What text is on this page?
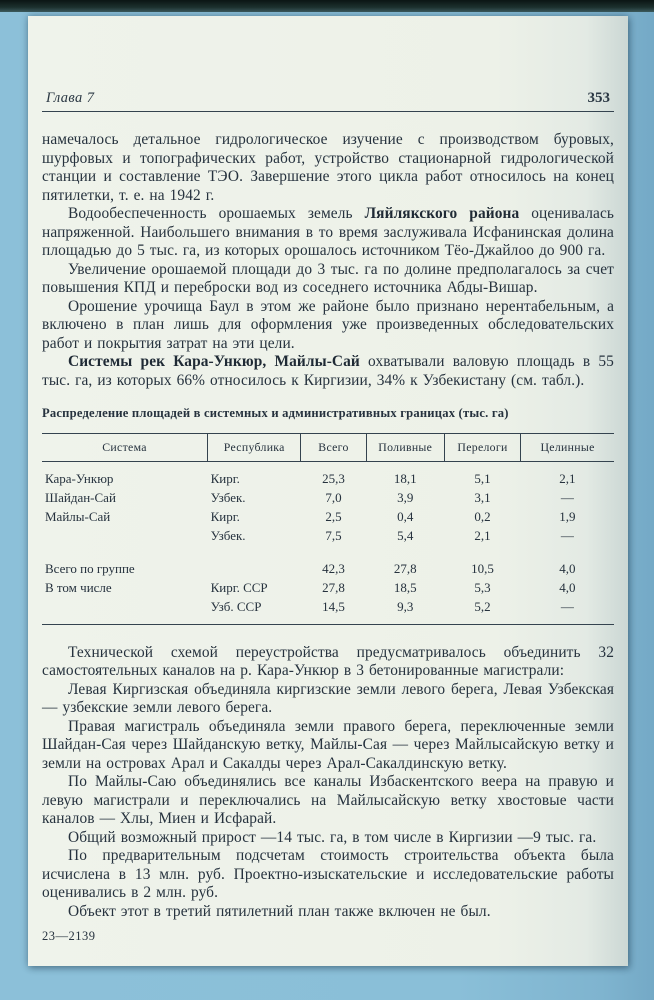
Глава 7	353

намечалось детальное гидрологическое изучение с производством буровых, шурфовых и топографических работ, устройство стационарной гидрологической станции и составление ТЭО. Завершение этого цикла работ относилось на конец пятилетки, т. е. на 1942 г.

Водообеспеченность орошаемых земель Ляйлякского района оценивалась напряженной. Наибольшего внимания в то время заслуживала Исфанинская долина площадью до 5 тыс. га, из которых орошалось источником Тёо-Джайлоо до 900 га.

Увеличение орошаемой площади до 3 тыс. га по долине предполагалось за счет повышения КПД и переброски вод из соседнего источника Абды-Вишар.

Орошение урочища Баул в этом же районе было признано нерентабельным, а включено в план лишь для оформления уже произведенных обследовательских работ и покрытия затрат на эти цели.

Системы рек Кара-Ункюр, Майлы-Сай охватывали валовую площадь в 55 тыс. га, из которых 66% относилось к Киргизии, 34% к Узбекистану (см. табл.).

Распределение площадей в системных и административных границах (тыс. га)
Система	Республика	Всего	Поливные	Перелоги	Целинные
Кара-Ункюр	Кирг.	25,3	18,1	5,1	2,1
Шайдан-Сай	Узбек.	7,0	3,9	3,1	—
Майлы-Сай	Кирг.	2,5	0,4	0,2	1,9
	Узбек.	7,5	5,4	2,1	—
Всего по группе		42,3	27,8	10,5	4,0
В том числе	Кирг. ССР	27,8	18,5	5,3	4,0
	Узб. ССР	14,5	9,3	5,2	—

Технической схемой переустройства предусматривалось объединить 32 самостоятельных каналов на р. Кара-Ункюр в 3 бетонированные магистрали:

Левая Киргизская объединяла киргизские земли левого берега, Левая Узбекская — узбекские земли левого берега.

Правая магистраль объединяла земли правого берега, переключенные земли Шайдан-Сая через Шайданскую ветку, Майлы-Сая — через Майлысайскую ветку и земли на островах Арал и Сакалды через Арал-Сакалдинскую ветку.

По Майлы-Саю объединялись все каналы Избаскентского веера на правую и левую магистрали и переключались на Майлысайскую ветку хвостовые части каналов — Хлы, Миен и Исфарай.

Общий возможный прирост —14 тыс. га, в том числе в Киргизии —9 тыс. га.

По предварительным подсчетам стоимость строительства объекта была исчислена в 13 млн. руб. Проектно-изыскательские и исследовательские работы оценивались в 2 млн. руб.

Объект этот в третий пятилетний план также включен не был.

23—2139
